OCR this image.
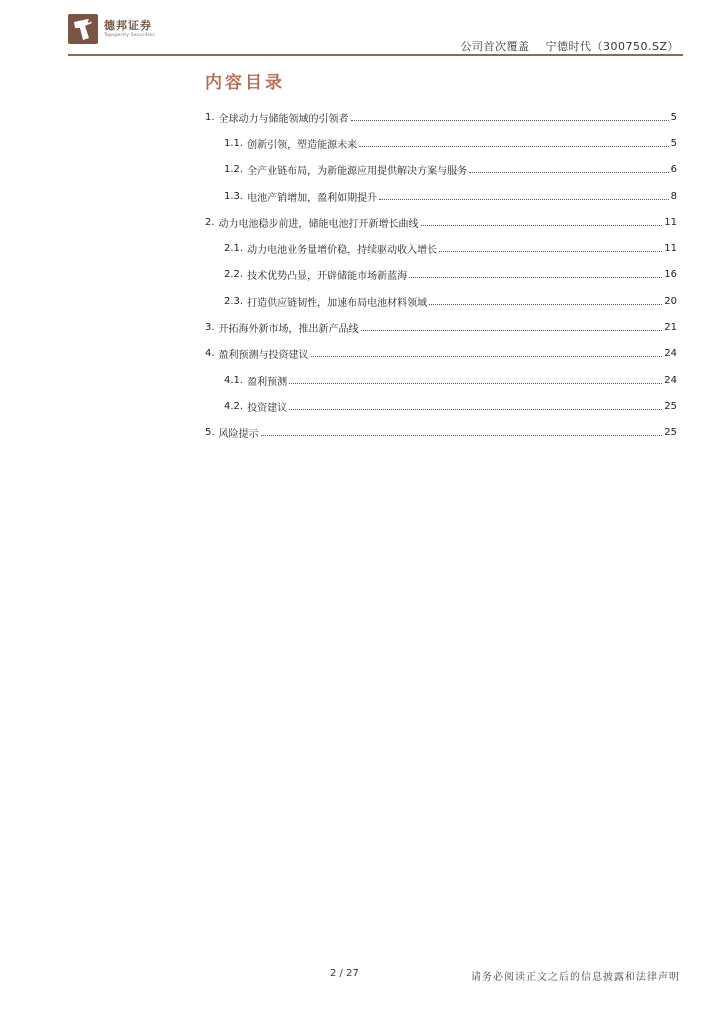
德邦证券
Topsperity Securities
公司首次覆盖 宁德时代（300750.SZ）
内容目录
1. 全球动力与储能领域的引领者	5
1.1. 创新引领，塑造能源未来	5
1.2. 全产业链布局，为新能源应用提供解决方案与服务	6
1.3. 电池产销增加，盈利如期提升	8
2. 动力电池稳步前进，储能电池打开新增长曲线	11
2.1. 动力电池业务量增价稳，持续驱动收入增长	11
2.2. 技术优势凸显，开辟储能市场新蓝海	16
2.3. 打造供应链韧性，加速布局电池材料领域	20
3. 开拓海外新市场，推出新产品线	21
4. 盈利预测与投资建议	24
4.1. 盈利预测	24
4.2. 投资建议	25
5. 风险提示	25
2 / 27	请务必阅读正文之后的信息披露和法律声明
